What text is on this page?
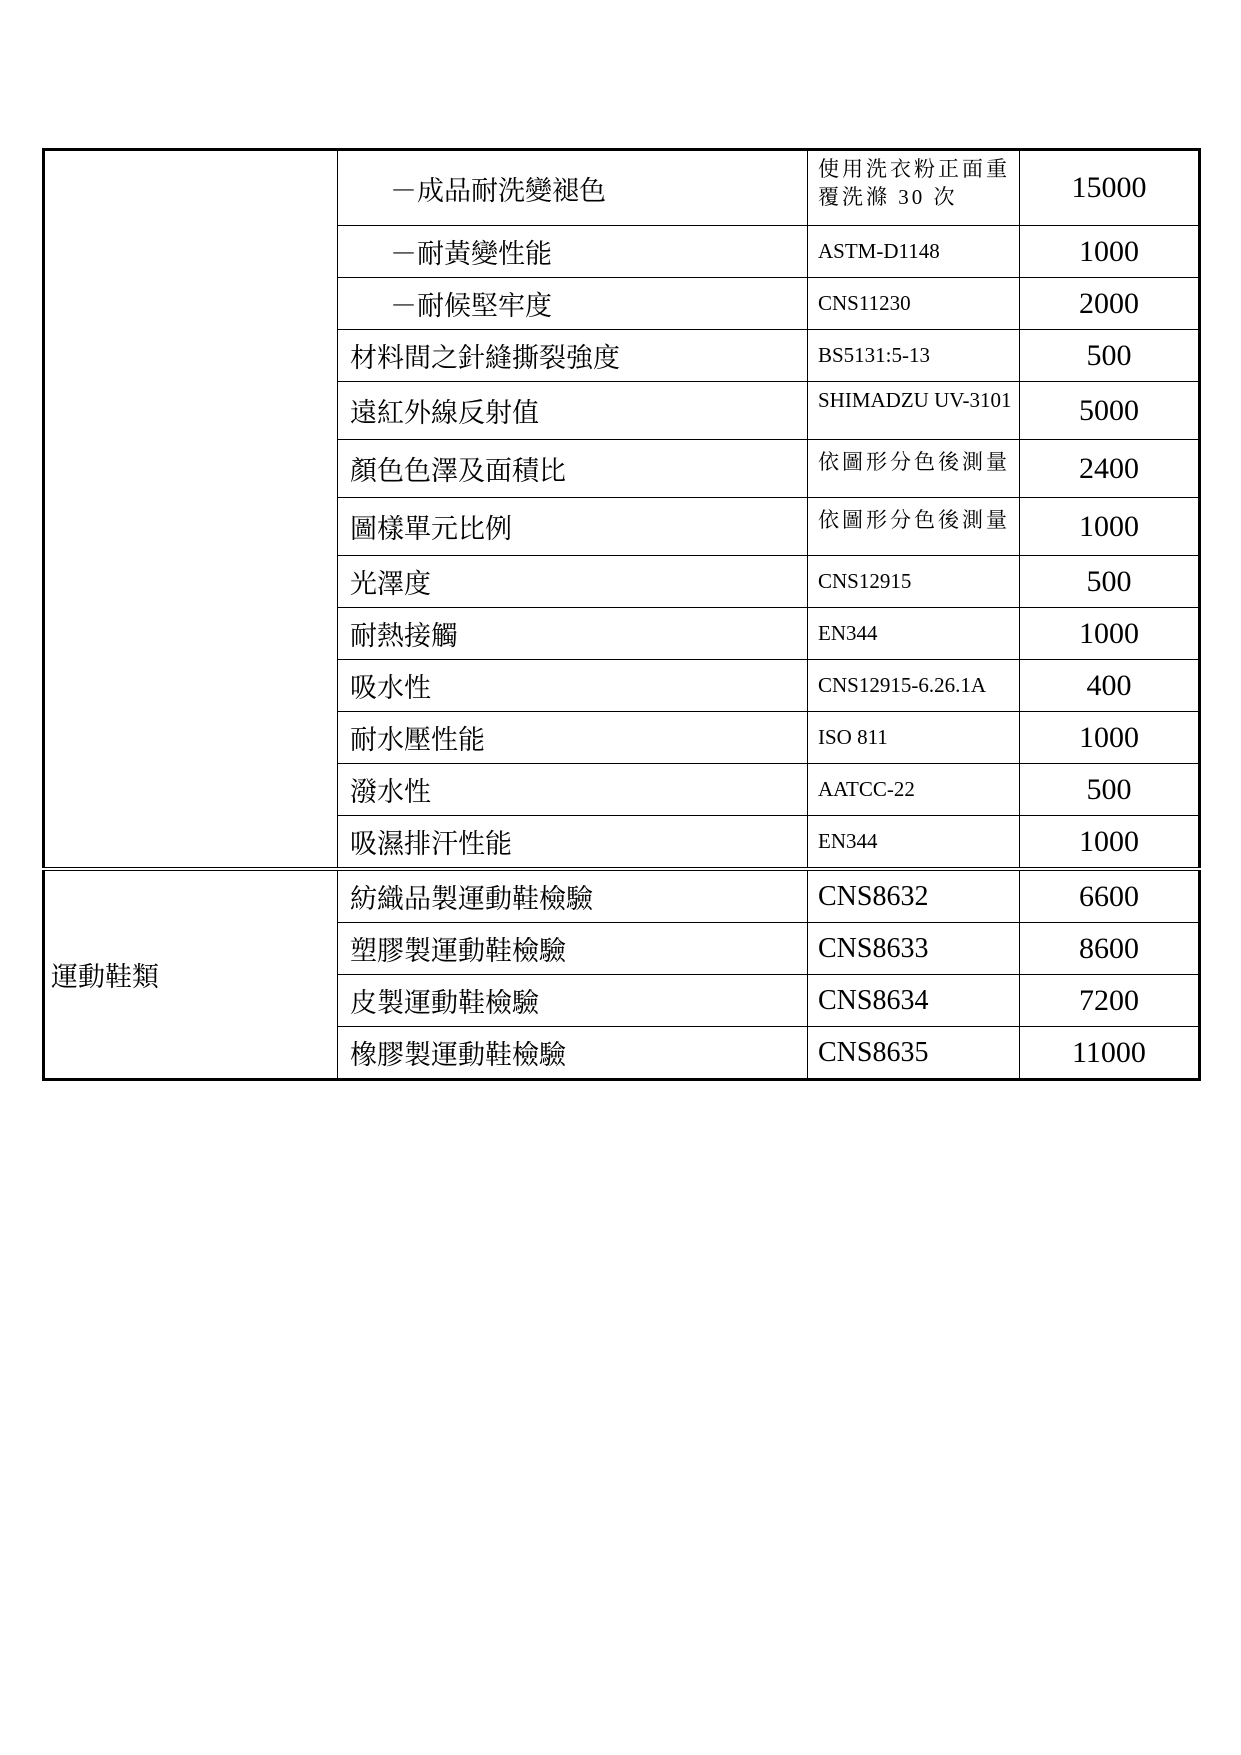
	－成品耐洗變褪色	使用洗衣粉正面重覆洗滌 30 次	15000
	－耐黃變性能	ASTM-D1148	1000
	－耐候堅牢度	CNS11230	2000
	材料間之針縫撕裂強度	BS5131:5-13	500
	遠紅外線反射值	SHIMADZU UV-3101	5000
	顏色色澤及面積比	依圖形分色後測量	2400
	圖樣單元比例	依圖形分色後測量	1000
	光澤度	CNS12915	500
	耐熱接觸	EN344	1000
	吸水性	CNS12915-6.26.1A	400
	耐水壓性能	ISO 811	1000
	潑水性	AATCC-22	500
	吸濕排汗性能	EN344	1000
運動鞋類	紡織品製運動鞋檢驗	CNS8632	6600
	塑膠製運動鞋檢驗	CNS8633	8600
	皮製運動鞋檢驗	CNS8634	7200
	橡膠製運動鞋檢驗	CNS8635	11000
